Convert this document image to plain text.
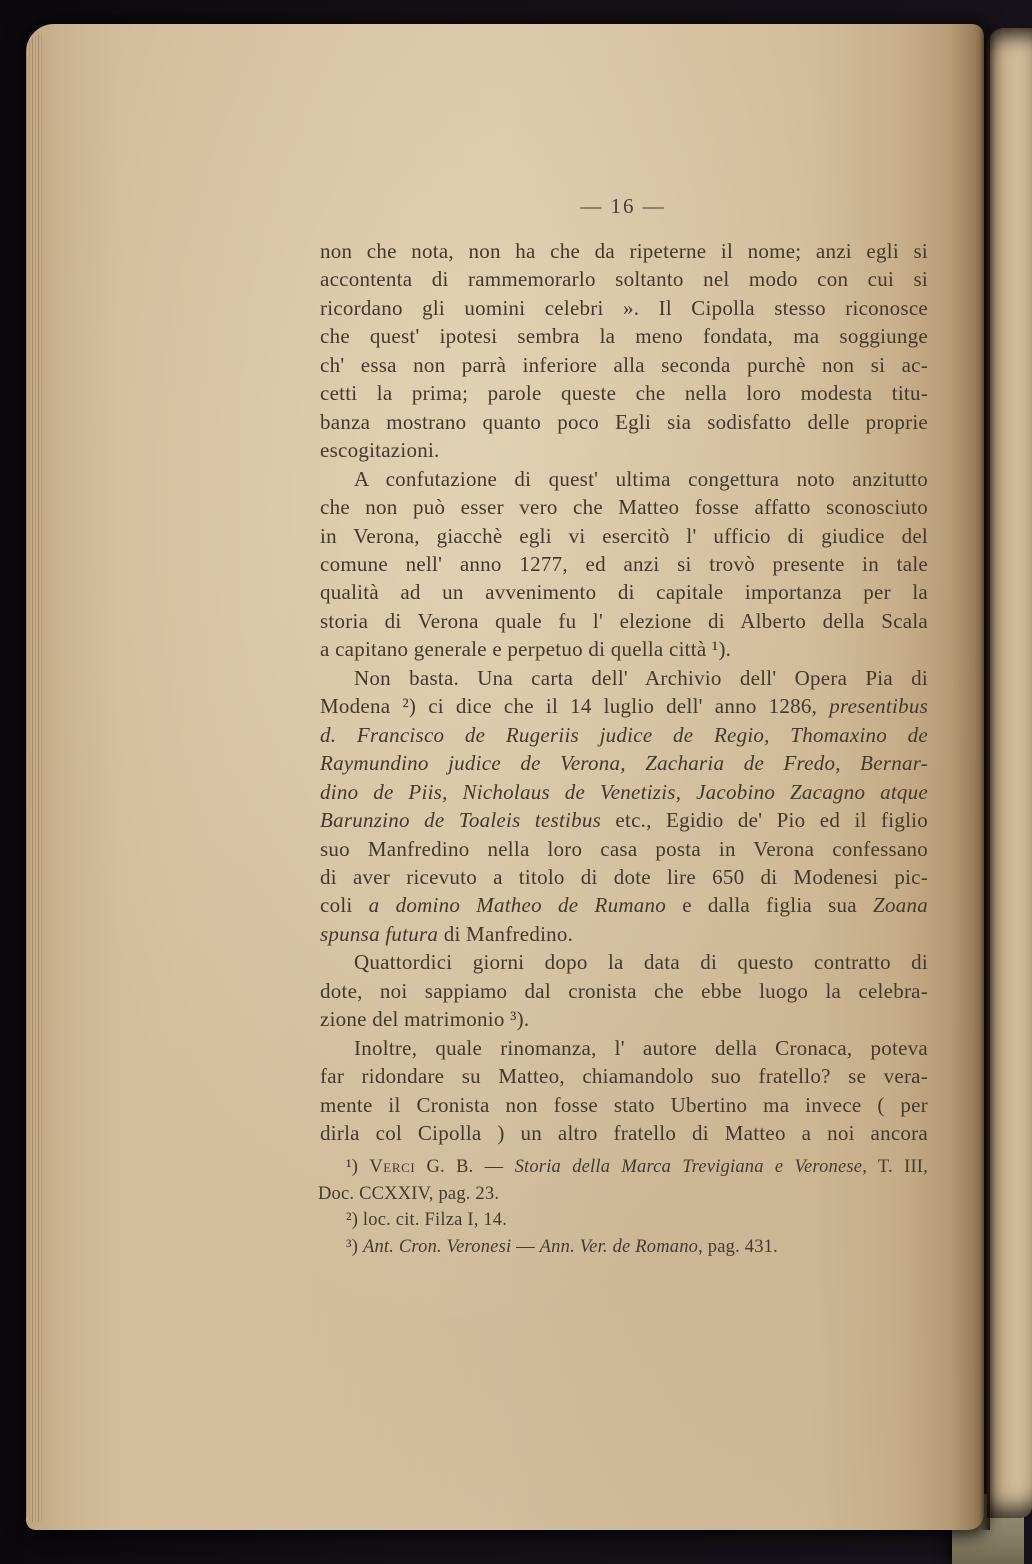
— 16 —
non che nota, non ha che da ripeterne il nome; anzi egli si
accontenta di rammemorarlo soltanto nel modo con cui si
ricordano gli uomini celebri ». Il Cipolla stesso riconosce
che quest' ipotesi sembra la meno fondata, ma soggiunge
ch' essa non parrà inferiore alla seconda purchè non si ac-
cetti la prima; parole queste che nella loro modesta titu-
banza mostrano quanto poco Egli sia sodisfatto delle proprie
escogitazioni.
A confutazione di quest' ultima congettura noto anzitutto
che non può esser vero che Matteo fosse affatto sconosciuto
in Verona, giacchè egli vi esercitò l' ufficio di giudice del
comune nell' anno 1277, ed anzi si trovò presente in tale
qualità ad un avvenimento di capitale importanza per la
storia di Verona quale fu l' elezione di Alberto della Scala
a capitano generale e perpetuo di quella città ¹).
Non basta. Una carta dell' Archivio dell' Opera Pia di
Modena ²) ci dice che il 14 luglio dell' anno 1286, presentibus
d. Francisco de Rugeriis judice de Regio, Thomaxino de
Raymundino judice de Verona, Zacharia de Fredo, Bernar-
dino de Piis, Nicholaus de Venetizis, Jacobino Zacagno atque
Barunzino de Toaleis testibus etc., Egidio de' Pio ed il figlio
suo Manfredino nella loro casa posta in Verona confessano
di aver ricevuto a titolo di dote lire 650 di Modenesi pic-
coli a domino Matheo de Rumano e dalla figlia sua Zoana
spunsa futura di Manfredino.
Quattordici giorni dopo la data di questo contratto di
dote, noi sappiamo dal cronista che ebbe luogo la celebra-
zione del matrimonio ³).
Inoltre, quale rinomanza, l' autore della Cronaca, poteva
far ridondare su Matteo, chiamandolo suo fratello? se vera-
mente il Cronista non fosse stato Ubertino ma invece ( per
dirla col Cipolla ) un altro fratello di Matteo a noi ancora
¹) Verci G. B. — Storia della Marca Trevigiana e Veronese, T. III,
Doc. CCXXIV, pag. 23.
²) loc. cit. Filza I, 14.
³) Ant. Cron. Veronesi — Ann. Ver. de Romano, pag. 431.
